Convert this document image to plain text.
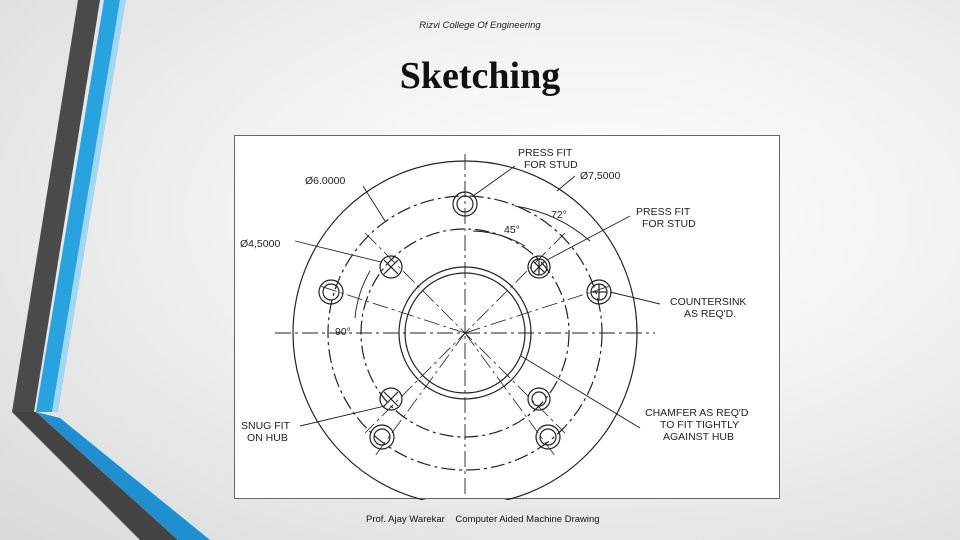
Rizvi College Of Engineering
Sketching
PRESS FIT
FOR STUD
Ø7,5000
Ø6.0000
72°	PRESS FIT
FOR STUD
45°
Ø4,5000
COUNTERSINK
AS REQ'D.
90°
SNUG FIT
ON HUB
CHAMFER AS REQ'D
TO FIT TIGHTLY
AGAINST HUB
Prof. Ajay Warekar    Computer Aided Machine Drawing
